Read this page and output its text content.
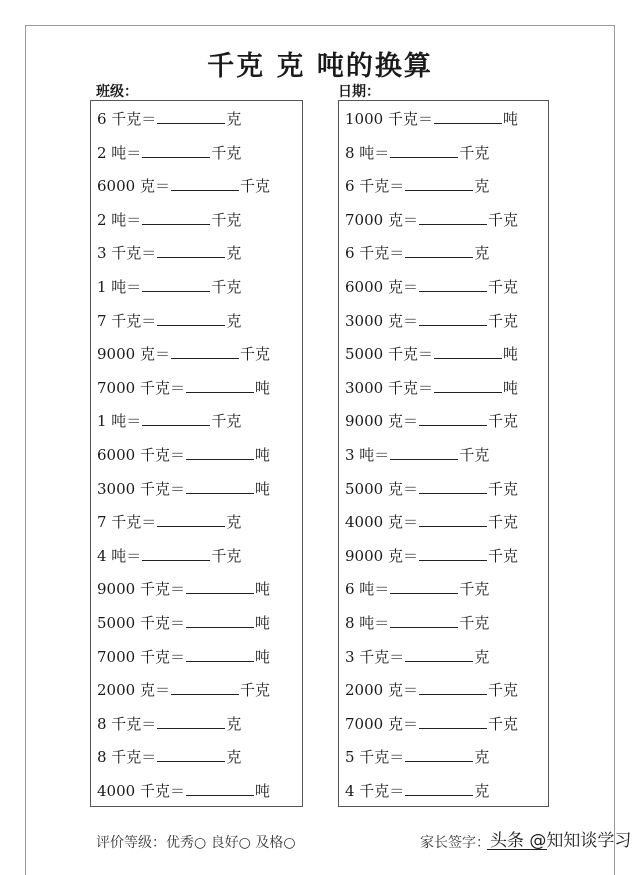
千克 克 吨的换算
班级：	日期：
6 千克＝	克
2 吨＝	千克
6000 克＝	千克
2 吨＝	千克
3 千克＝	克
1 吨＝	千克
7 千克＝	克
9000 克＝	千克
7000 千克＝	吨
1 吨＝	千克
6000 千克＝	吨
3000 千克＝	吨
7 千克＝	克
4 吨＝	千克
9000 千克＝	吨
5000 千克＝	吨
7000 千克＝	吨
2000 克＝	千克
8 千克＝	克
8 千克＝	克
4000 千克＝	吨
1000 千克＝	吨
8 吨＝	千克
6 千克＝	克
7000 克＝	千克
6 千克＝	克
6000 克＝	千克
3000 克＝	千克
5000 千克＝	吨
3000 千克＝	吨
9000 克＝	千克
3 吨＝	千克
5000 克＝	千克
4000 克＝	千克
9000 克＝	千克
6 吨＝	千克
8 吨＝	千克
3 千克＝	克
2000 克＝	千克
7000 克＝	千克
5 千克＝	克
4 千克＝	克
评价等级：优秀○ 良好○ 及格○	家长签字： 头条 @知知谈学习
